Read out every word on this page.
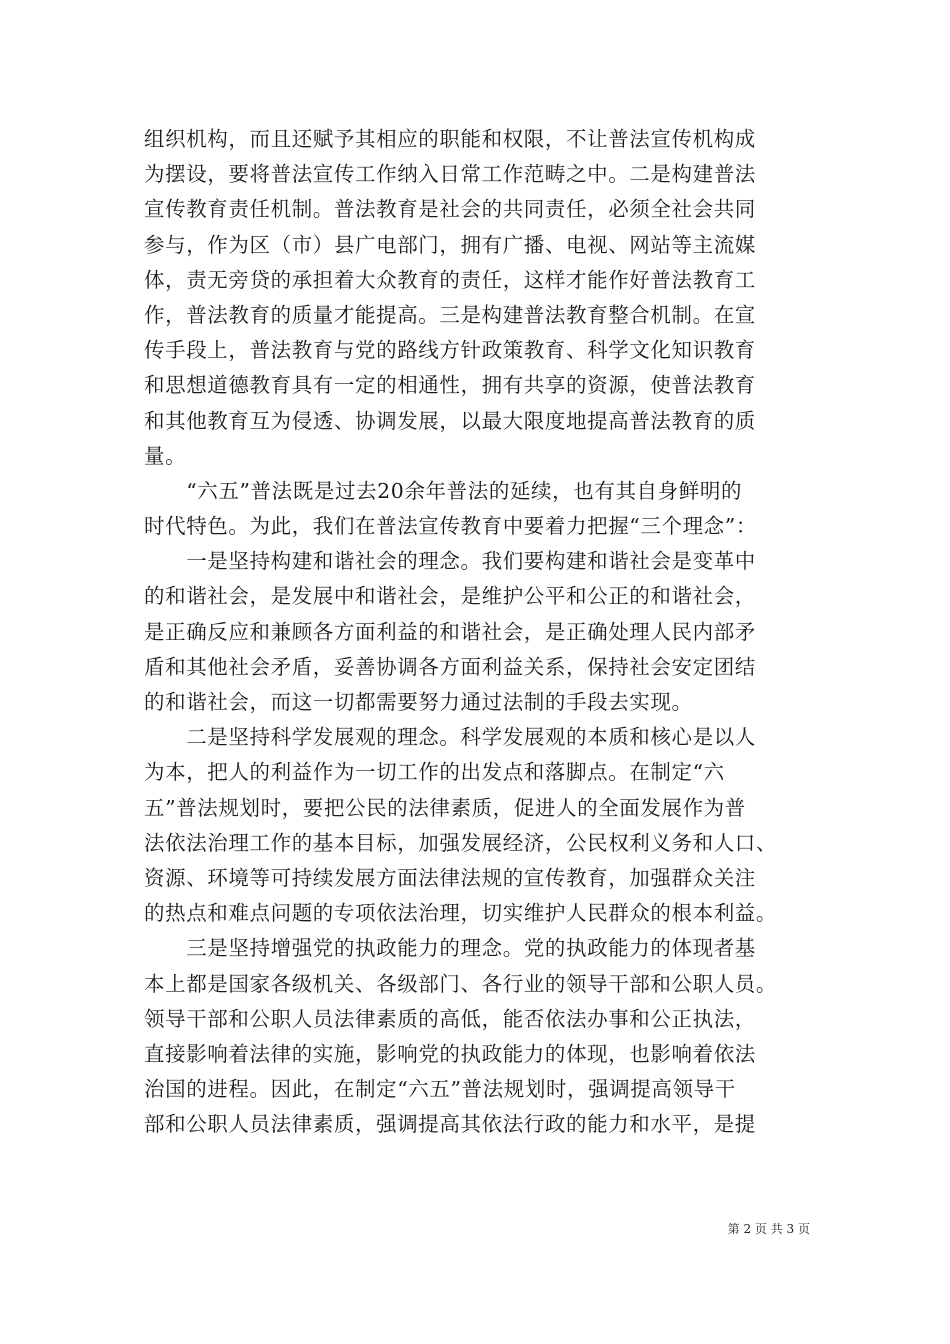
组织机构，而且还赋予其相应的职能和权限，不让普法宣传机构成
为摆设，要将普法宣传工作纳入日常工作范畴之中。二是构建普法
宣传教育责任机制。普法教育是社会的共同责任，必须全社会共同
参与，作为区（市）县广电部门，拥有广播、电视、网站等主流媒
体，责无旁贷的承担着大众教育的责任，这样才能作好普法教育工
作，普法教育的质量才能提高。三是构建普法教育整合机制。在宣
传手段上，普法教育与党的路线方针政策教育、科学文化知识教育
和思想道德教育具有一定的相通性，拥有共享的资源，使普法教育
和其他教育互为侵透、协调发展，以最大限度地提高普法教育的质
量。
　　“六五”普法既是过去20余年普法的延续，也有其自身鲜明的
时代特色。为此，我们在普法宣传教育中要着力把握“三个理念”：
　　一是坚持构建和谐社会的理念。我们要构建和谐社会是变革中
的和谐社会，是发展中和谐社会，是维护公平和公正的和谐社会，
是正确反应和兼顾各方面利益的和谐社会，是正确处理人民内部矛
盾和其他社会矛盾，妥善协调各方面利益关系，保持社会安定团结
的和谐社会，而这一切都需要努力通过法制的手段去实现。
　　二是坚持科学发展观的理念。科学发展观的本质和核心是以人
为本，把人的利益作为一切工作的出发点和落脚点。在制定“六
五”普法规划时，要把公民的法律素质，促进人的全面发展作为普
法依法治理工作的基本目标，加强发展经济，公民权利义务和人口、
资源、环境等可持续发展方面法律法规的宣传教育，加强群众关注
的热点和难点问题的专项依法治理，切实维护人民群众的根本利益。
　　三是坚持增强党的执政能力的理念。党的执政能力的体现者基
本上都是国家各级机关、各级部门、各行业的领导干部和公职人员。
领导干部和公职人员法律素质的高低，能否依法办事和公正执法，
直接影响着法律的实施，影响党的执政能力的体现，也影响着依法
治国的进程。因此，在制定“六五”普法规划时，强调提高领导干
部和公职人员法律素质，强调提高其依法行政的能力和水平，是提
第 2 页 共 3 页
